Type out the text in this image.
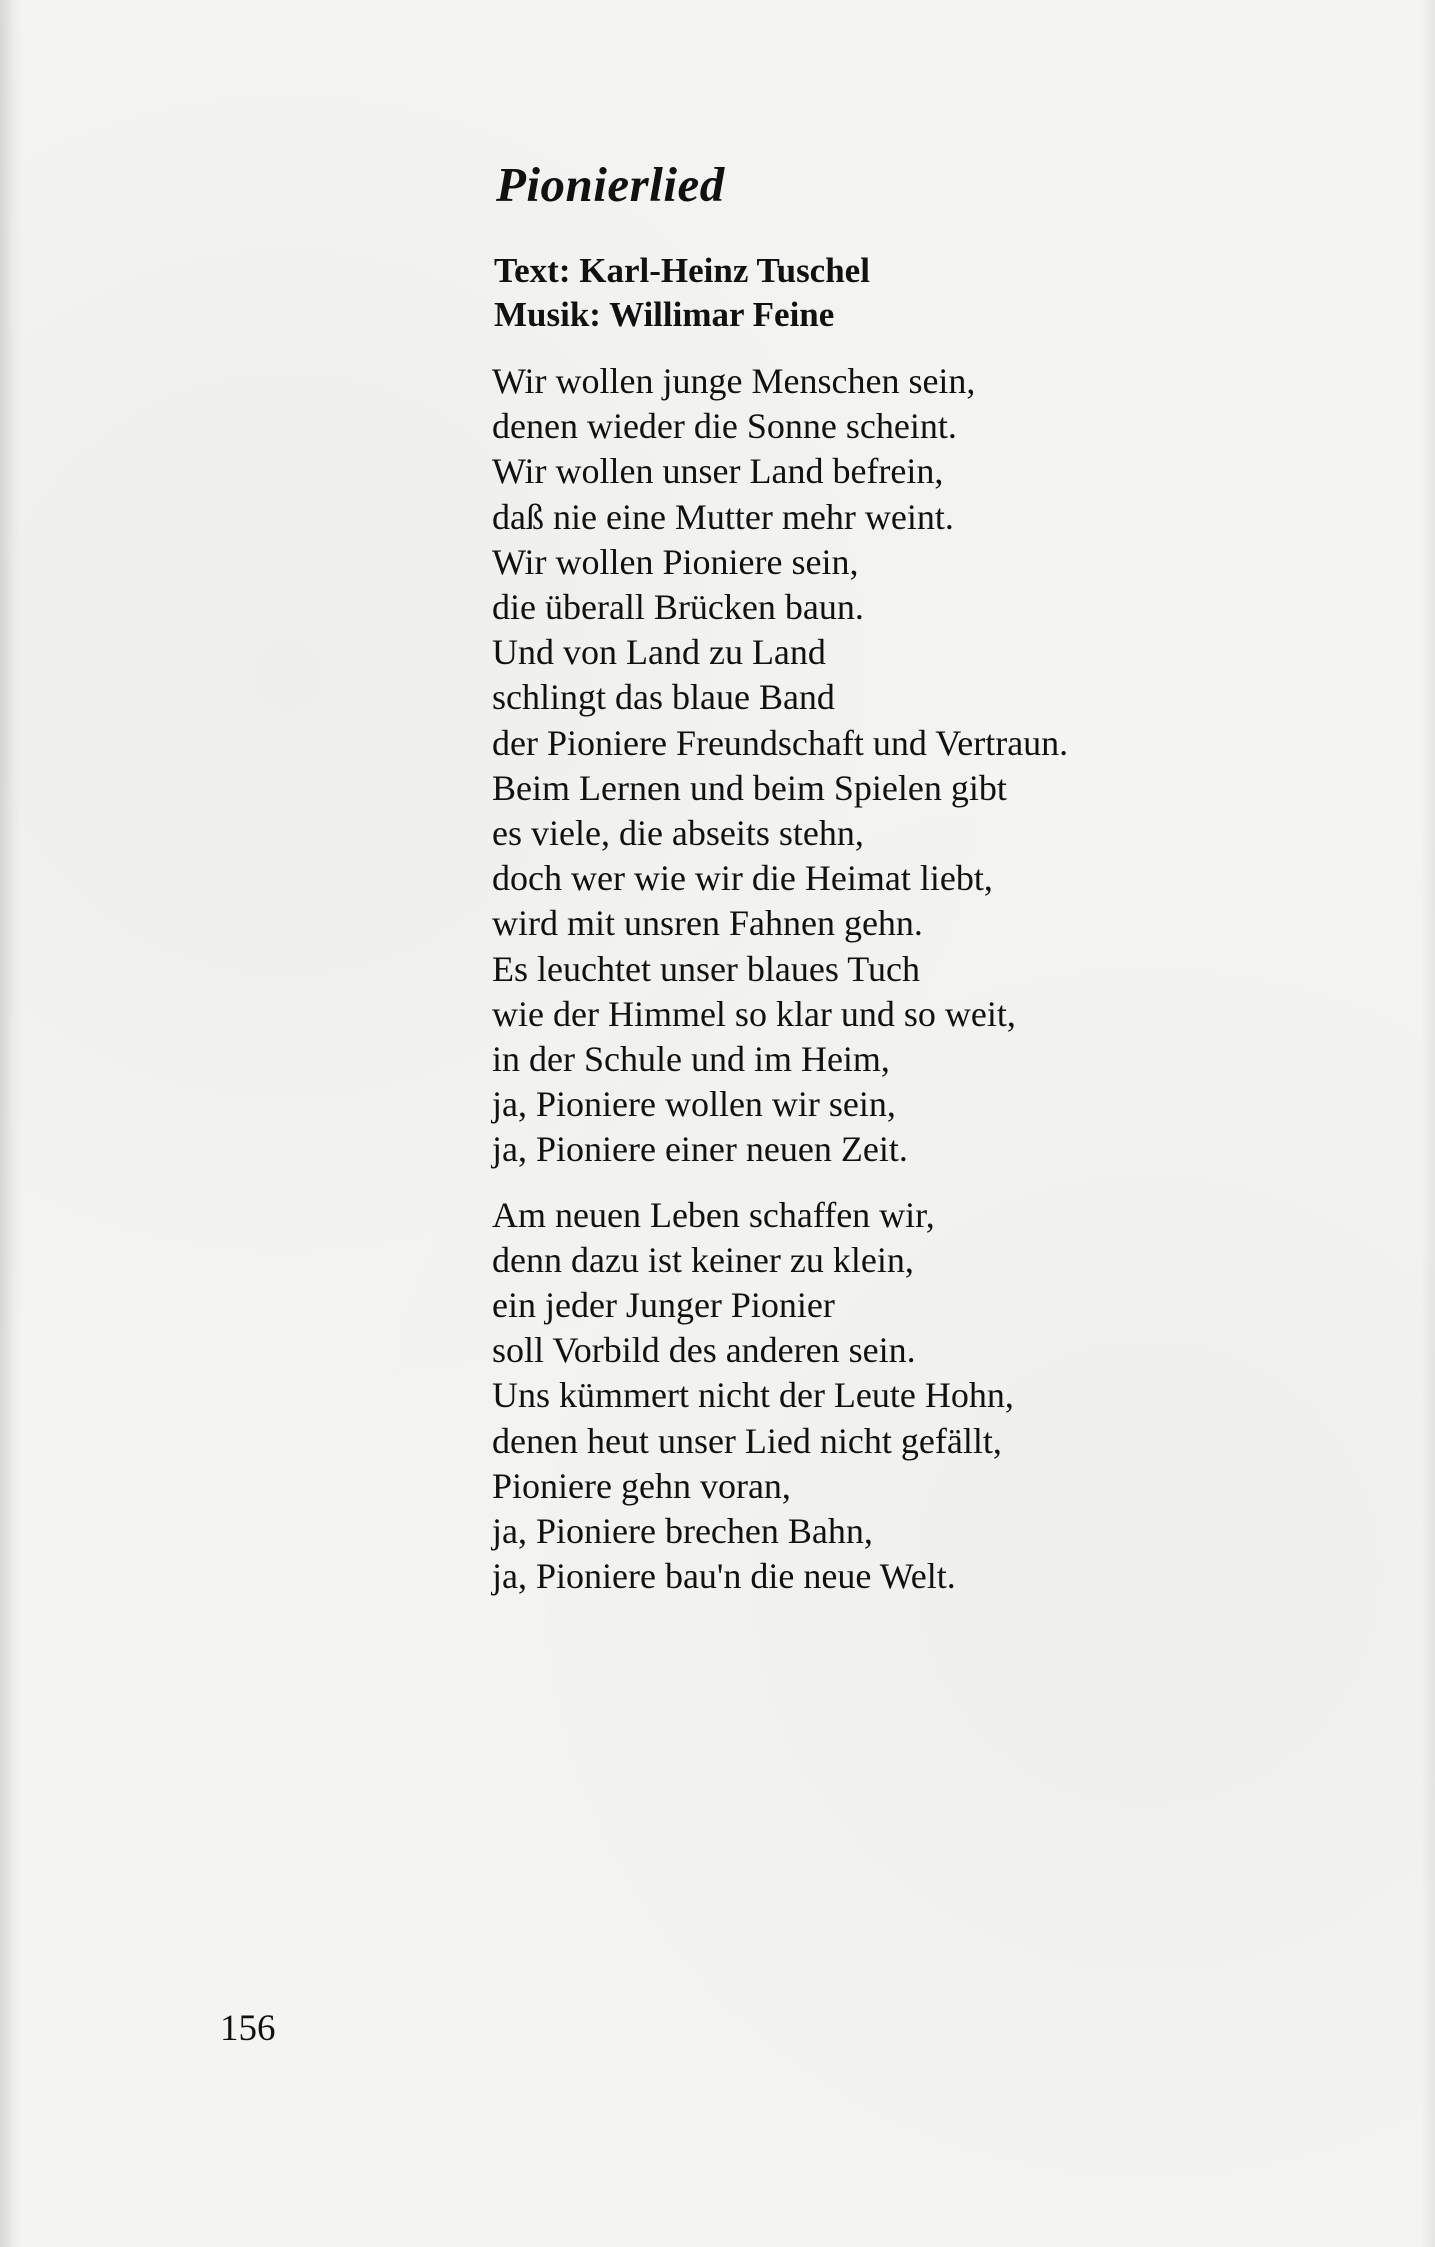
Pionierlied
Text: Karl-Heinz Tuschel
Musik: Willimar Feine
Wir wollen junge Menschen sein,
denen wieder die Sonne scheint.
Wir wollen unser Land befrein,
daß nie eine Mutter mehr weint.
Wir wollen Pioniere sein,
die überall Brücken baun.
Und von Land zu Land
schlingt das blaue Band
der Pioniere Freundschaft und Vertraun.
Beim Lernen und beim Spielen gibt
es viele, die abseits stehn,
doch wer wie wir die Heimat liebt,
wird mit unsren Fahnen gehn.
Es leuchtet unser blaues Tuch
wie der Himmel so klar und so weit,
in der Schule und im Heim,
ja, Pioniere wollen wir sein,
ja, Pioniere einer neuen Zeit.
Am neuen Leben schaffen wir,
denn dazu ist keiner zu klein,
ein jeder Junger Pionier
soll Vorbild des anderen sein.
Uns kümmert nicht der Leute Hohn,
denen heut unser Lied nicht gefällt,
Pioniere gehn voran,
ja, Pioniere brechen Bahn,
ja, Pioniere bau'n die neue Welt.
156
